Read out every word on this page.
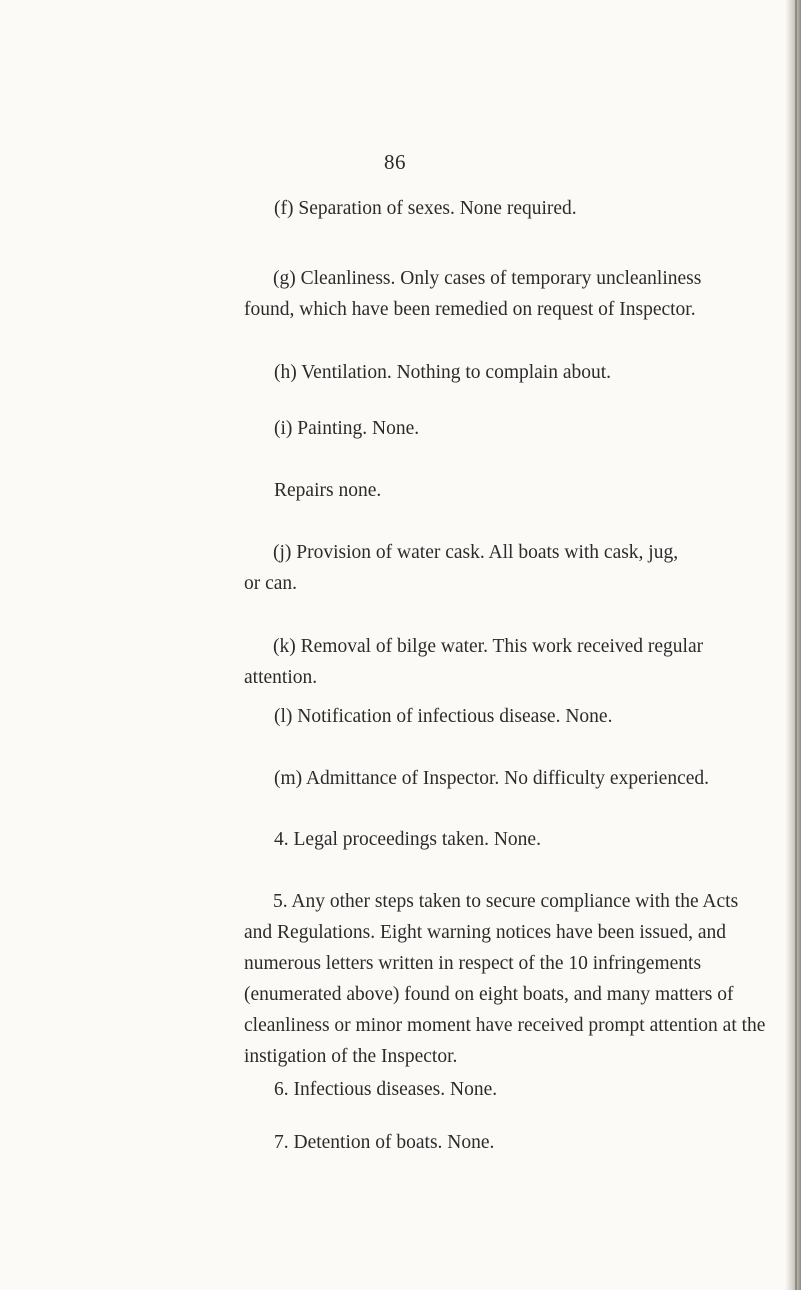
86
(f) Separation of sexes. None required.
(g) Cleanliness. Only cases of temporary uncleanliness
found, which have been remedied on request of Inspector.
(h) Ventilation. Nothing to complain about.
(i) Painting. None.
Repairs none.
(j) Provision of water cask. All boats with cask, jug,
or can.
(k) Removal of bilge water. This work received regular
attention.
(l) Notification of infectious disease. None.
(m) Admittance of Inspector. No difficulty experienced.
4. Legal proceedings taken. None.
5. Any other steps taken to secure compliance with the Acts
and Regulations. Eight warning notices have been issued, and
numerous letters written in respect of the 10 infringements
(enumerated above) found on eight boats, and many matters of
cleanliness or minor moment have received prompt attention at the
instigation of the Inspector.
6. Infectious diseases. None.
7. Detention of boats. None.
